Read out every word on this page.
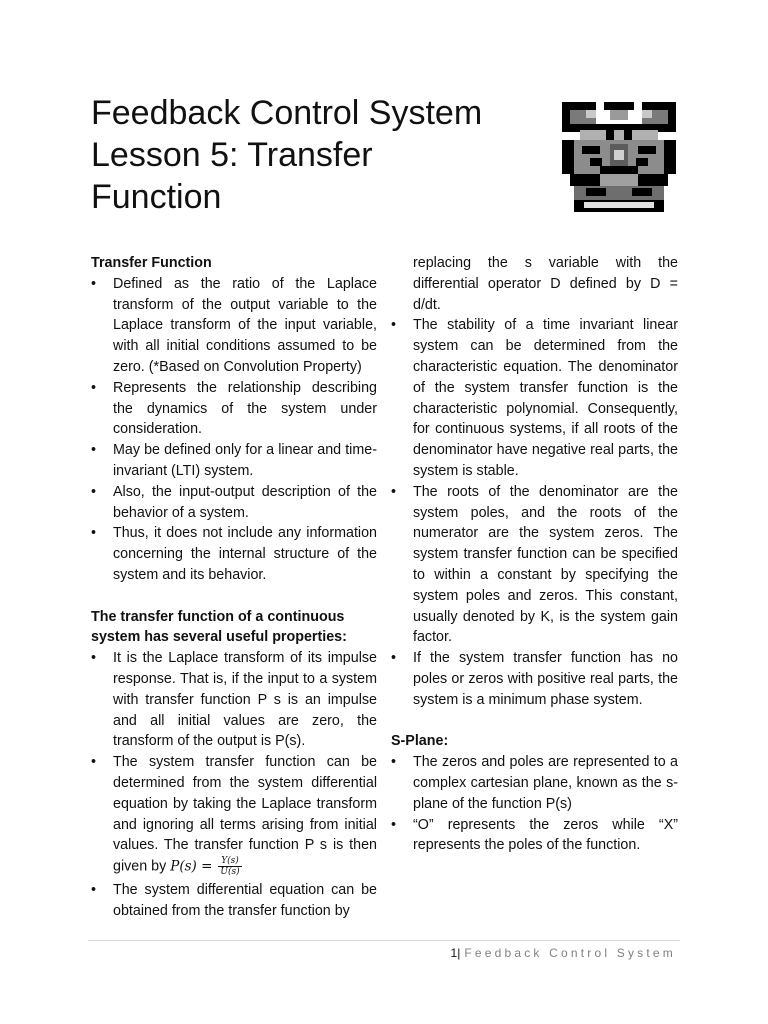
Feedback Control System
Lesson 5: Transfer
Function

Transfer Function

•	Defined as the ratio of the Laplace transform of the output variable to the Laplace transform of the input variable, with all initial conditions assumed to be zero. (*Based on Convolution Property)
•	Represents the relationship describing the dynamics of the system under consideration.
•	May be defined only for a linear and time-invariant (LTI) system.
•	Also, the input-output description of the behavior of a system.
•	Thus, it does not include any information concerning the internal structure of the system and its behavior.

The transfer function of a continuous system has several useful properties:

•	It is the Laplace transform of its impulse response. That is, if the input to a system with transfer function P s is an impulse and all initial values are zero, the transform of the output is P(s).
•	The system transfer function can be determined from the system differential equation by taking the Laplace transform and ignoring all terms arising from initial values. The transfer function P s is then given by $P(s) = \frac{Y(s)}{U(s)}$
•	The system differential equation can be obtained from the transfer function by
replacing the s variable with the differential operator D defined by D = d/dt.
•	The stability of a time invariant linear system can be determined from the characteristic equation. The denominator of the system transfer function is the characteristic polynomial. Consequently, for continuous systems, if all roots of the denominator have negative real parts, the system is stable.
•	The roots of the denominator are the system poles, and the roots of the numerator are the system zeros. The system transfer function can be specified to within a constant by specifying the system poles and zeros. This constant, usually denoted by K, is the system gain factor.
•	If the system transfer function has no poles or zeros with positive real parts, the system is a minimum phase system.

S-Plane:

•	The zeros and poles are represented to a complex cartesian plane, known as the s-plane of the function P(s)
•	“O” represents the zeros while “X” represents the poles of the function.
1| Feedback Control System
